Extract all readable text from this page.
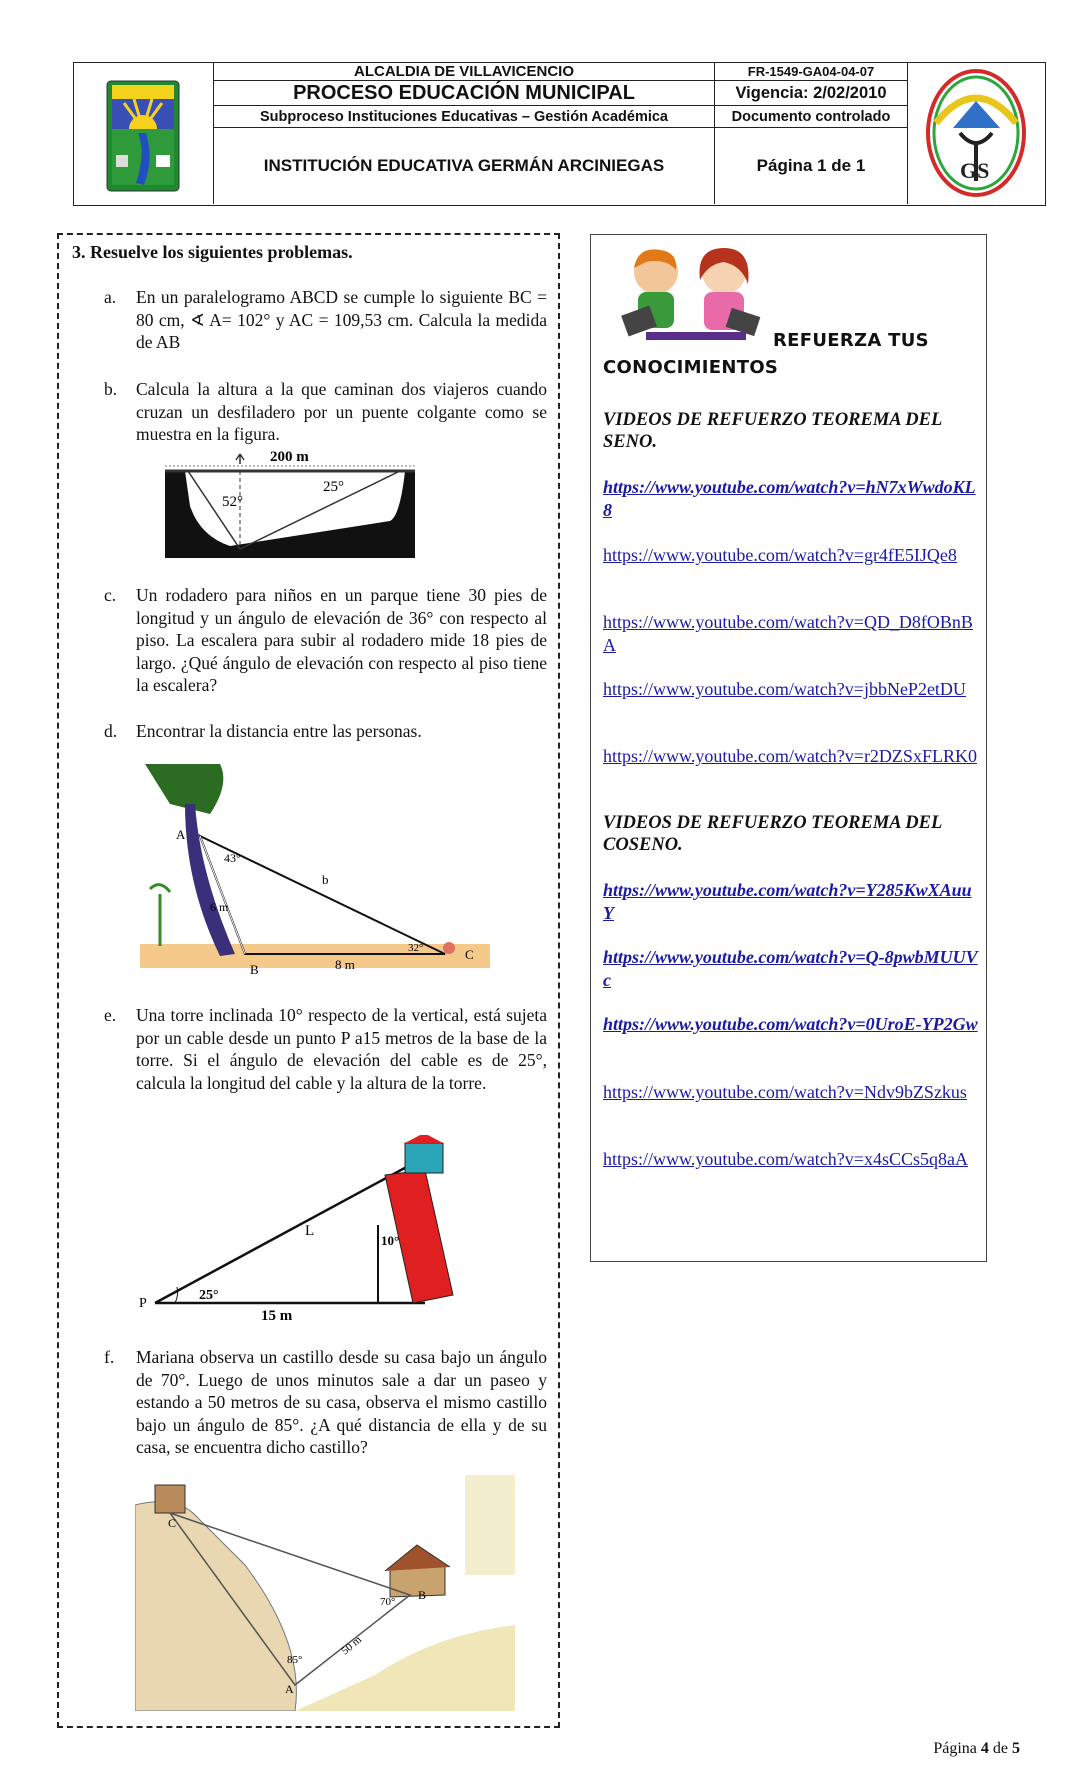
ALCALDIA DE VILLAVICENCIO
PROCESO EDUCACIÓN MUNICIPAL
Subproceso Instituciones Educativas – Gestión Académica
INSTITUCIÓN EDUCATIVA GERMÁN ARCINIEGAS
FR-1549-GA04-04-07
Vigencia: 2/02/2010
Documento controlado
Página 1 de 1	GS
3. Resuelve los siguientes problemas.
a. En un paralelogramo ABCD se cumple lo siguiente BC = 80 cm, ∢ A= 102° y AC = 109,53 cm. Calcula la medida de AB
b. Calcula la altura a la que caminan dos viajeros cuando cruzan un desfiladero por un puente colgante como se muestra en la figura.
200 m
52°
25°
c. Un rodadero para niños en un parque tiene 30 pies de longitud y un ángulo de elevación de 36° con respecto al piso. La escalera para subir al rodadero mide 18 pies de largo. ¿Qué ángulo de elevación con respecto al piso tiene la escalera?
d. Encontrar la distancia entre las personas.
A
B
C
b
43°
6 m
8 m
32°
e. Una torre inclinada 10° respecto de la vertical, está sujeta por un cable desde un punto P a15 metros de la base de la torre. Si el ángulo de elevación del cable es de 25°, calcula la longitud del cable y la altura de la torre.
P
L
25°
10°
15 m
f. Mariana observa un castillo desde su casa bajo un ángulo de 70°. Luego de unos minutos sale a dar un paseo y estando a 50 metros de su casa, observa el mismo castillo bajo un ángulo de 85°. ¿A qué distancia de ella y de su casa, se encuentra dicho castillo?
C
A
B
85°
70°
50 m
REFUERZA TUS
CONOCIMIENTOS
VIDEOS DE REFUERZO TEOREMA DEL SENO.
https://www.youtube.com/watch?v=hN7xWwdoKL8
https://www.youtube.com/watch?v=gr4fE5IJQe8
https://www.youtube.com/watch?v=QD_D8fOBnBA
https://www.youtube.com/watch?v=jbbNeP2etDU
https://www.youtube.com/watch?v=r2DZSxFLRK0
VIDEOS DE REFUERZO TEOREMA DEL COSENO.
https://www.youtube.com/watch?v=Y285KwXAuuY
https://www.youtube.com/watch?v=Q-8pwbMUUVc
https://www.youtube.com/watch?v=0UroE-YP2Gw
https://www.youtube.com/watch?v=Ndv9bZSzkus
https://www.youtube.com/watch?v=x4sCCs5q8aA
Página 4 de 5
